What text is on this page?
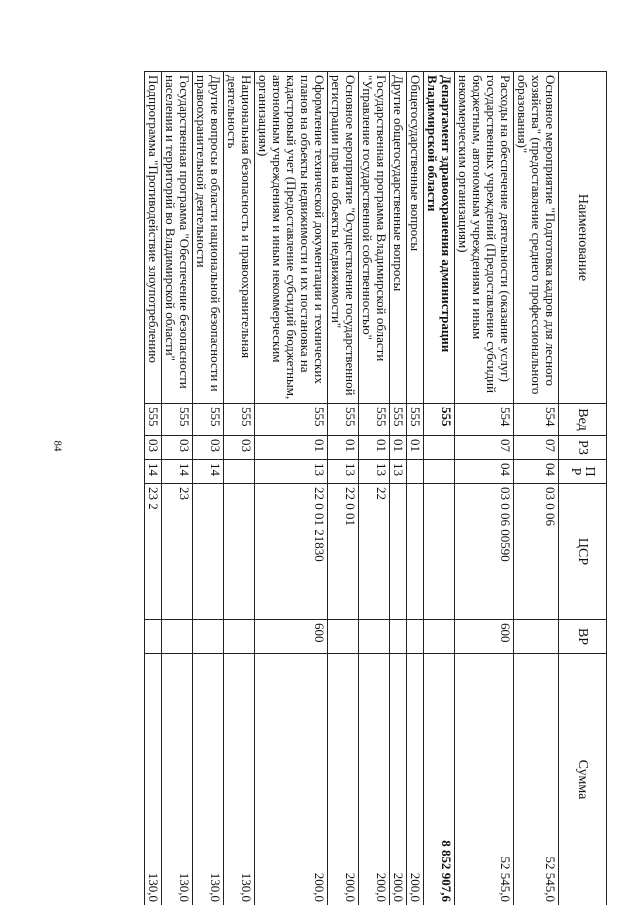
84
Наименование	Вед	РЗ	ПР	ЦСР	ВР	Сумма
Основное мероприятие "Подготовка кадров для лесного хозяйства" (предоставление среднего профессионального образования)"	554	07	04	03 0 06		52 545,0
Расходы на обеспечение деятельности (оказание услуг) государственных учреждений (Предоставление субсидий бюджетным, автономным учреждениям и иным некоммерческим организациям)	554	07	04	03 0 06 00590	600	52 545,0
Департамент здравоохранения администрации Владимирской области	555					8 852 907,6
Общегосударственные вопросы	555	01				200,0
Другие общегосударственные вопросы	555	01	13			200,0
Государственная программа Владимирской области "Управление государственной собственностью"	555	01	13	22		200,0
Основное мероприятие "Осуществление государственной регистрации прав на объекты недвижимости"	555	01	13	22 0 01		200,0
Оформление технической документации и технических планов на объекты недвижимости и их постановка на кадастровый учет (Предоставление субсидий бюджетным, автономным учреждениям и иным некоммерческим организациям)	555	01	13	22 0 01 21830	600	200,0
Национальная безопасность и правоохранительная деятельность	555	03				130,0
Другие вопросы в области национальной безопасности и правоохранительной деятельности	555	03	14			130,0
Государственная программа "Обеспечение безопасности населения и территорий во Владимирской области"	555	03	14	23		130,0
Подпрограмма "Противодействие злоупотреблению	555	03	14	23 2		130,0
